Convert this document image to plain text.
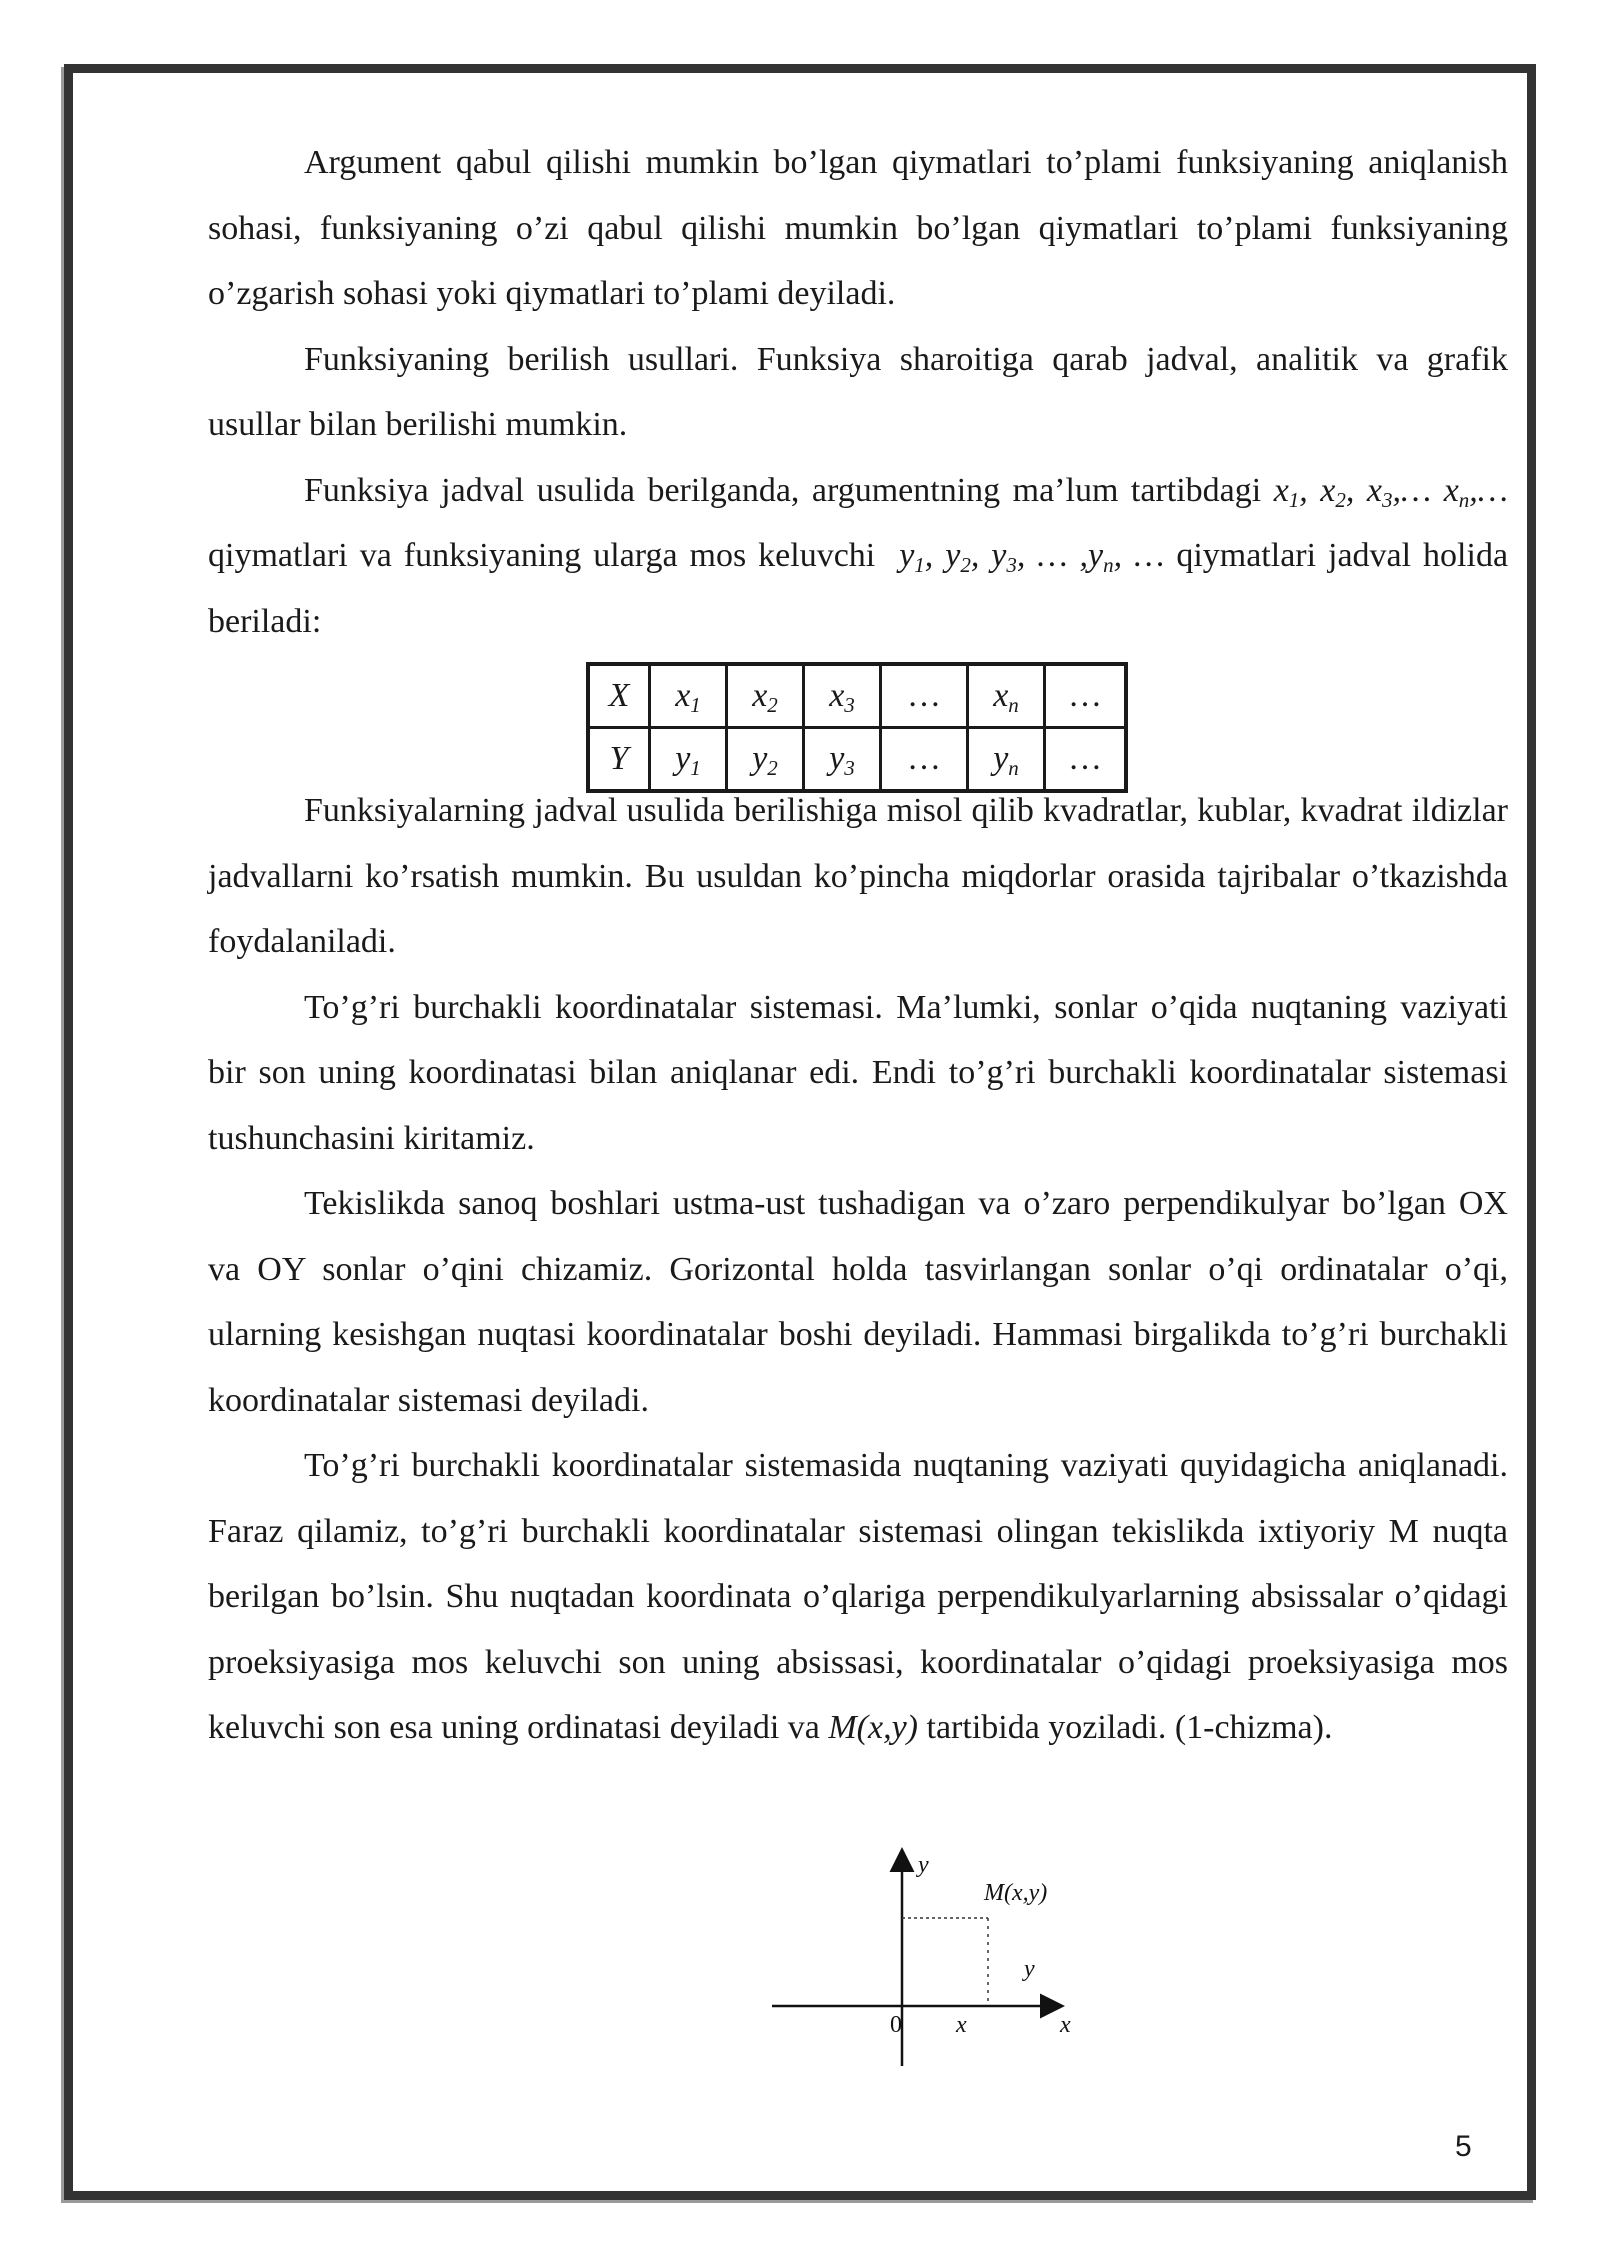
Argument qabul qilishi mumkin bo’lgan qiymatlari to’plami funksiyaning aniqlanish sohasi, funksiyaning o’zi qabul qilishi mumkin bo’lgan qiymatlari to’plami funksiyaning o’zgarish sohasi yoki qiymatlari to’plami deyiladi.

Funksiyaning berilish usullari. Funksiya sharoitiga qarab jadval, analitik va grafik usullar bilan berilishi mumkin.

Funksiya jadval usulida berilganda, argumentning ma’lum tartibdagi $x_1$, $x_2$, $x_3,\dots$ $x_n,\dots$ qiymatlari va funksiyaning ularga mos keluvchi $y_1$, $y_2$, $y_3$, … $,y_n$, … qiymatlari jadval holida beriladi:

Funksiyalarning jadval usulida berilishiga misol qilib kvadratlar, kublar, kvadrat ildizlar jadvallarni ko’rsatish mumkin. Bu usuldan ko’pincha miqdorlar orasida tajribalar o’tkazishda foydalaniladi.

To’g’ri burchakli koordinatalar sistemasi. Ma’lumki, sonlar o’qida nuqtaning vaziyati bir son uning koordinatasi bilan aniqlanar edi. Endi to’g’ri burchakli koordinatalar sistemasi tushunchasini kiritamiz.

Tekislikda sanoq boshlari ustma-ust tushadigan va o’zaro perpendikulyar bo’lgan OX va OY sonlar o’qini chizamiz. Gorizontal holda tasvirlangan sonlar o’qi ordinatalar o’qi, ularning kesishgan nuqtasi koordinatalar boshi deyiladi. Hammasi birgalikda to’g’ri burchakli koordinatalar sistemasi deyiladi.

To’g’ri burchakli koordinatalar sistemasida nuqtaning vaziyati quyidagicha aniqlanadi. Faraz qilamiz, to’g’ri burchakli koordinatalar sistemasi olingan tekislikda ixtiyoriy M nuqta berilgan bo’lsin. Shu nuqtadan koordinata o’qlariga perpendikulyarlarning absissalar o’qidagi proeksiyasiga mos keluvchi son uning absissasi, koordinatalar o’qidagi proeksiyasiga mos keluvchi son esa uning ordinatasi deyiladi va M(x,y) tartibida yoziladi. (1-chizma).

X	$x_1$	$x_2$	$x_3$	…	$x_n$	…
Y	$y_1$	$y_2$	$y_3$	…	$y_n$	…
y
M(x,y)
y
0 x	x
5
